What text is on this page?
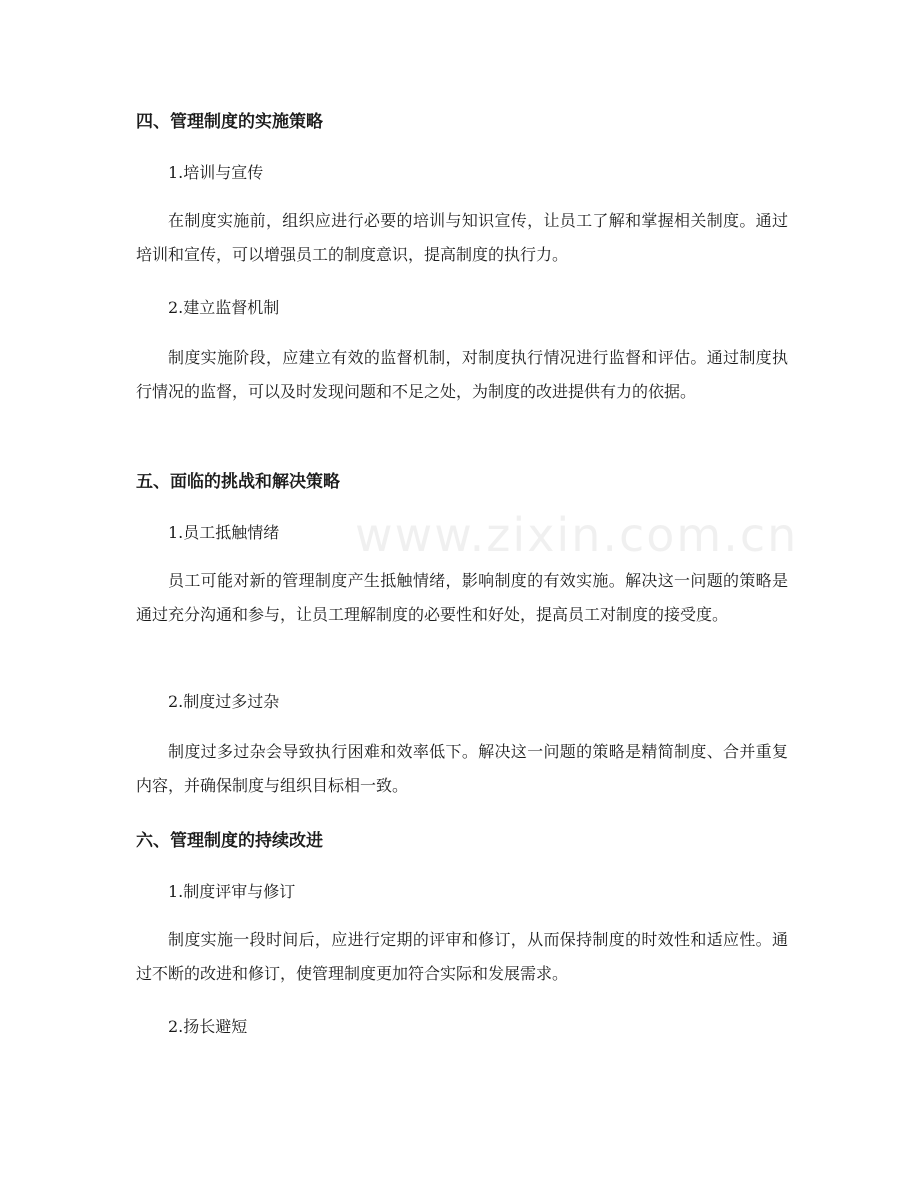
www.zixin.com.cn
四、管理制度的实施策略

1.培训与宣传

在制度实施前，组织应进行必要的培训与知识宣传，让员工了解和掌握相关制度。通过培训和宣传，可以增强员工的制度意识，提高制度的执行力。

2.建立监督机制

制度实施阶段，应建立有效的监督机制，对制度执行情况进行监督和评估。通过制度执行情况的监督，可以及时发现问题和不足之处，为制度的改进提供有力的依据。

五、面临的挑战和解决策略

1.员工抵触情绪

员工可能对新的管理制度产生抵触情绪，影响制度的有效实施。解决这一问题的策略是通过充分沟通和参与，让员工理解制度的必要性和好处，提高员工对制度的接受度。

2.制度过多过杂

制度过多过杂会导致执行困难和效率低下。解决这一问题的策略是精简制度、合并重复内容，并确保制度与组织目标相一致。

六、管理制度的持续改进

1.制度评审与修订

制度实施一段时间后，应进行定期的评审和修订，从而保持制度的时效性和适应性。通过不断的改进和修订，使管理制度更加符合实际和发展需求。

2.扬长避短
